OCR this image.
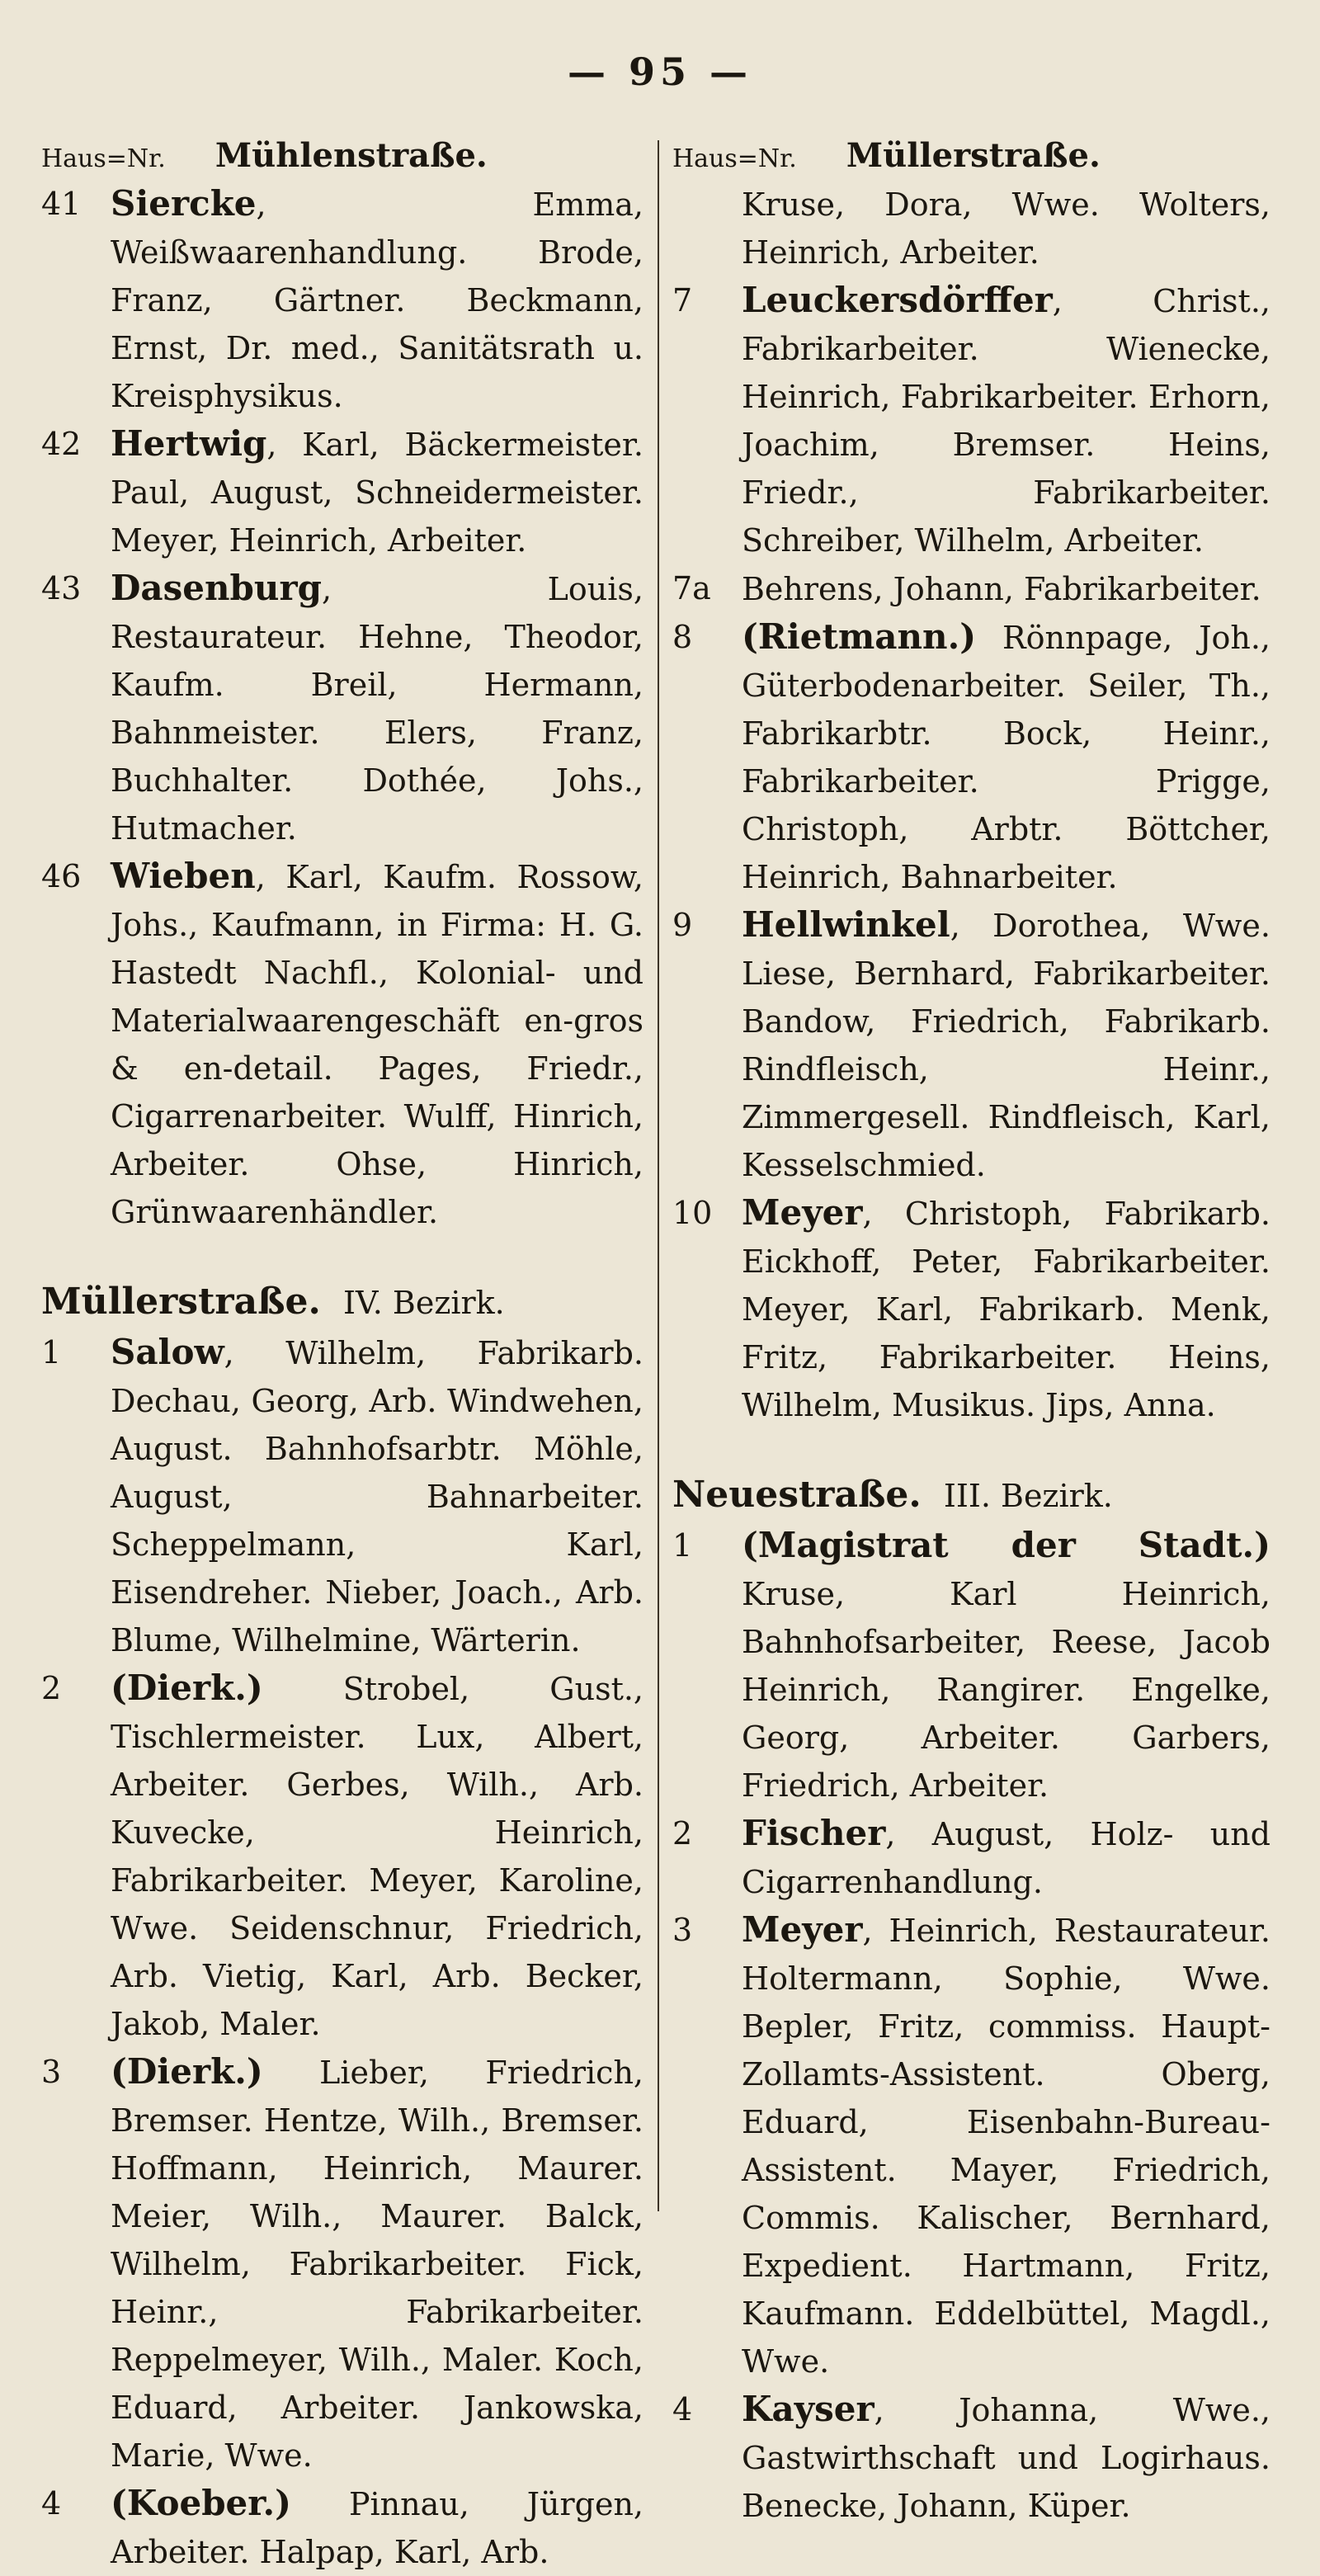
— 95 —
Haus=Nr. Mühlenstraße.
41 Siercke, Emma, Weißwaarenhandlung. Brode, Franz, Gärtner. Beckmann, Ernst, Dr. med., Sanitätsrath u. Kreisphysikus.
42 Hertwig, Karl, Bäckermeister. Paul, August, Schneidermeister. Meyer, Heinrich, Arbeiter.
43 Dasenburg, Louis, Restaurateur. Hehne, Theodor, Kaufm. Breil, Hermann, Bahnmeister. Elers, Franz, Buchhalter. Dothée, Johs., Hutmacher.
46 Wieben, Karl, Kaufm. Rossow, Johs., Kaufmann, in Firma: H. G. Hastedt Nachfl., Kolonial- und Materialwaarengeschäft en-gros & en-detail. Pages, Friedr., Cigarrenarbeiter. Wulff, Hinrich, Arbeiter. Ohse, Hinrich, Grünwaarenhändler.
Müllerstraße. IV. Bezirk.
1	Salow, Wilhelm, Fabrikarb. Dechau, Georg, Arb. Windwehen, August. Bahnhofsarbtr. Möhle, August, Bahnarbeiter. Scheppelmann, Karl, Eisendreher. Nieber, Joach., Arb. Blume, Wilhelmine, Wärterin.
2	(Dierk.) Strobel, Gust., Tischlermeister. Lux, Albert, Arbeiter. Gerbes, Wilh., Arb. Kuvecke, Heinrich, Fabrikarbeiter. Meyer, Karoline, Wwe. Seidenschnur, Friedrich, Arb. Vietig, Karl, Arb. Becker, Jakob, Maler.
3	(Dierk.) Lieber, Friedrich, Bremser. Hentze, Wilh., Bremser. Hoffmann, Heinrich, Maurer. Meier, Wilh., Maurer. Balck, Wilhelm, Fabrikarbeiter. Fick, Heinr., Fabrikarbeiter. Reppelmeyer, Wilh., Maler. Koch, Eduard, Arbeiter. Jankowska, Marie, Wwe.
4	(Koeber.) Pinnau, Jürgen, Arbeiter. Halpap, Karl, Arb.
Haus=Nr. Müllerstraße.
Kruse, Dora, Wwe. Wolters, Heinrich, Arbeiter.
7	Leuckersdörffer, Christ., Fabrikarbeiter. Wienecke, Heinrich, Fabrikarbeiter. Erhorn, Joachim, Bremser. Heins, Friedr., Fabrikarbeiter. Schreiber, Wilhelm, Arbeiter.
7a Behrens, Johann, Fabrikarbeiter.
8	(Rietmann.) Rönnpage, Joh., Güterbodenarbeiter. Seiler, Th., Fabrikarbtr. Bock, Heinr., Fabrikarbeiter. Prigge, Christoph, Arbtr. Böttcher, Heinrich, Bahnarbeiter.
9	Hellwinkel, Dorothea, Wwe. Liese, Bernhard, Fabrikarbeiter. Bandow, Friedrich, Fabrikarb. Rindfleisch, Heinr., Zimmergesell. Rindfleisch, Karl, Kesselschmied.
10 Meyer, Christoph, Fabrikarb. Eickhoff, Peter, Fabrikarbeiter. Meyer, Karl, Fabrikarb. Menk, Fritz, Fabrikarbeiter. Heins, Wilhelm, Musikus. Jips, Anna.
Neuestraße. III. Bezirk.
1	(Magistrat der Stadt.) Kruse, Karl Heinrich, Bahnhofsarbeiter, Reese, Jacob Heinrich, Rangirer. Engelke, Georg, Arbeiter. Garbers, Friedrich, Arbeiter.
2	Fischer, August, Holz- und Cigarrenhandlung.
3	Meyer, Heinrich, Restaurateur. Holtermann, Sophie, Wwe. Bepler, Fritz, commiss. Haupt-Zollamts-Assistent. Oberg, Eduard, Eisenbahn-Bureau-Assistent. Mayer, Friedrich, Commis. Kalischer, Bernhard, Expedient. Hartmann, Fritz, Kaufmann. Eddelbüttel, Magdl., Wwe.
4	Kayser, Johanna, Wwe., Gastwirthschaft und Logirhaus. Benecke, Johann, Küper.
